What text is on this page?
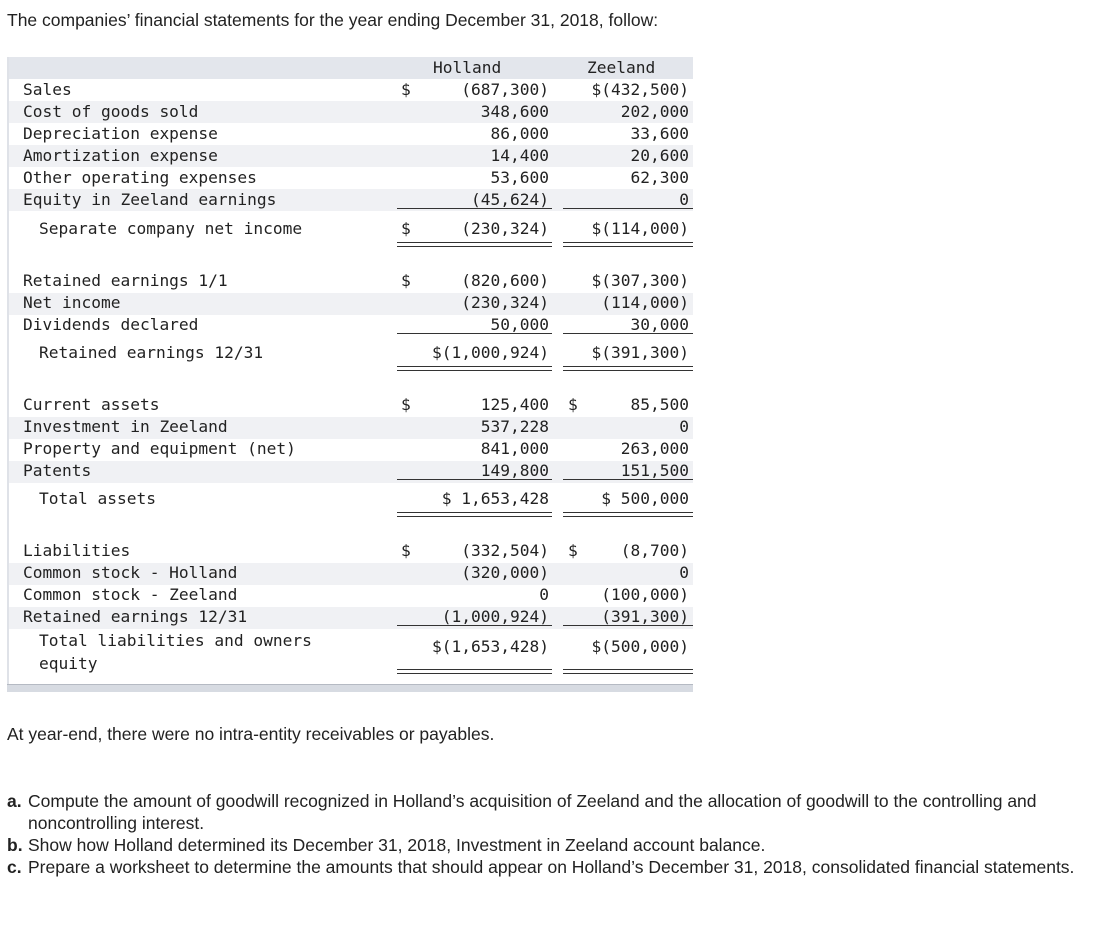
The companies’ financial statements for the year ending December 31, 2018, follow:

Holland	Zeeland
Sales	$	(687,300)	$(432,500)
Cost of goods sold	348,600	202,000
Depreciation expense	86,000	33,600
Amortization expense	14,400	20,600
Other operating expenses	53,600	62,300
Equity in Zeeland earnings	(45,624)	0
Separate company net income	$	(230,324)	$(114,000)
Retained earnings 1/1	$	(820,600)	$(307,300)
Net income	(230,324)	(114,000)
Dividends declared	50,000	30,000
Retained earnings 12/31	$(1,000,924)	$(391,300)
Current assets	$	125,400 $	85,500
Investment in Zeeland	537,228	0
Property and equipment (net)	841,000	263,000
Patents	149,800	151,500
Total assets	$ 1,653,428	$ 500,000
Liabilities	$	(332,504) $	(8,700)
Common stock - Holland	(320,000)	0
Common stock - Zeeland	0	(100,000)
Retained earnings 12/31	(1,000,924)	(391,300)
Total liabilities and owners
equity
$(1,653,428)	$(500,000)

At year-end, there were no intra-entity receivables or payables.

a. Compute the amount of goodwill recognized in Holland’s acquisition of Zeeland and the allocation of goodwill to the controlling and noncontrolling interest.
b. Show how Holland determined its December 31, 2018, Investment in Zeeland account balance.
c. Prepare a worksheet to determine the amounts that should appear on Holland’s December 31, 2018, consolidated financial statements.
